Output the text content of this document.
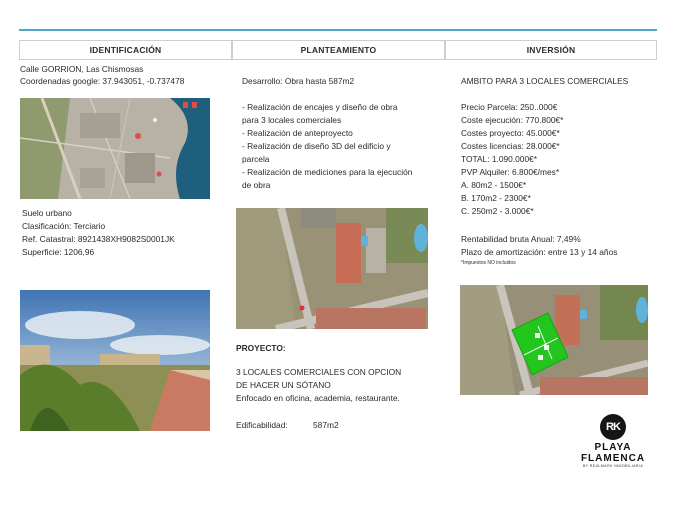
IDENTIFICACIÓN	PLANTEAMIENTO	INVERSIÓN
Calle GORRION, Las Chismosas
Coordenadas google: 37.943051, -0.737478
Suelo urbano
Clasificación: Terciario
Ref. Catastral: 8921438XH9082S0001JK
Superficie: 1206,96
Desarrollo: Obra hasta 587m2
- Realización de encajes y diseño de obra
para 3 locales comerciales
- Realización de anteproyecto
- Realización de diseño 3D del edificio y
parcela
- Realización de mediciones para la ejecución
de obra
PROYECTO:
3 LOCALES COMERCIALES CON OPCION
DE HACER UN SÓTANO
Enfocado en oficina, academia, restaurante.
Edificabilidad:	587m2
AMBITO PARA 3 LOCALES COMERCIALES
Precio Parcela: 250..000€
Coste ejecución: 770.800€*
Costes proyecto: 45.000€*
Costes licencias: 28.000€*
TOTAL: 1.090.000€*
PVP Alquiler: 6.800€/mes*
A. 80m2 - 1500€*
B. 170m2 - 2300€*
C. 250m2 - 3.000€*
Rentabilidad bruta Anual: 7,49%
Plazo de amortización: entre 13 y 14 años
*Impuestos NO incluidos
RK
PLAYA
FLAMENCA
BY REALMARK INMOBILIARIA
